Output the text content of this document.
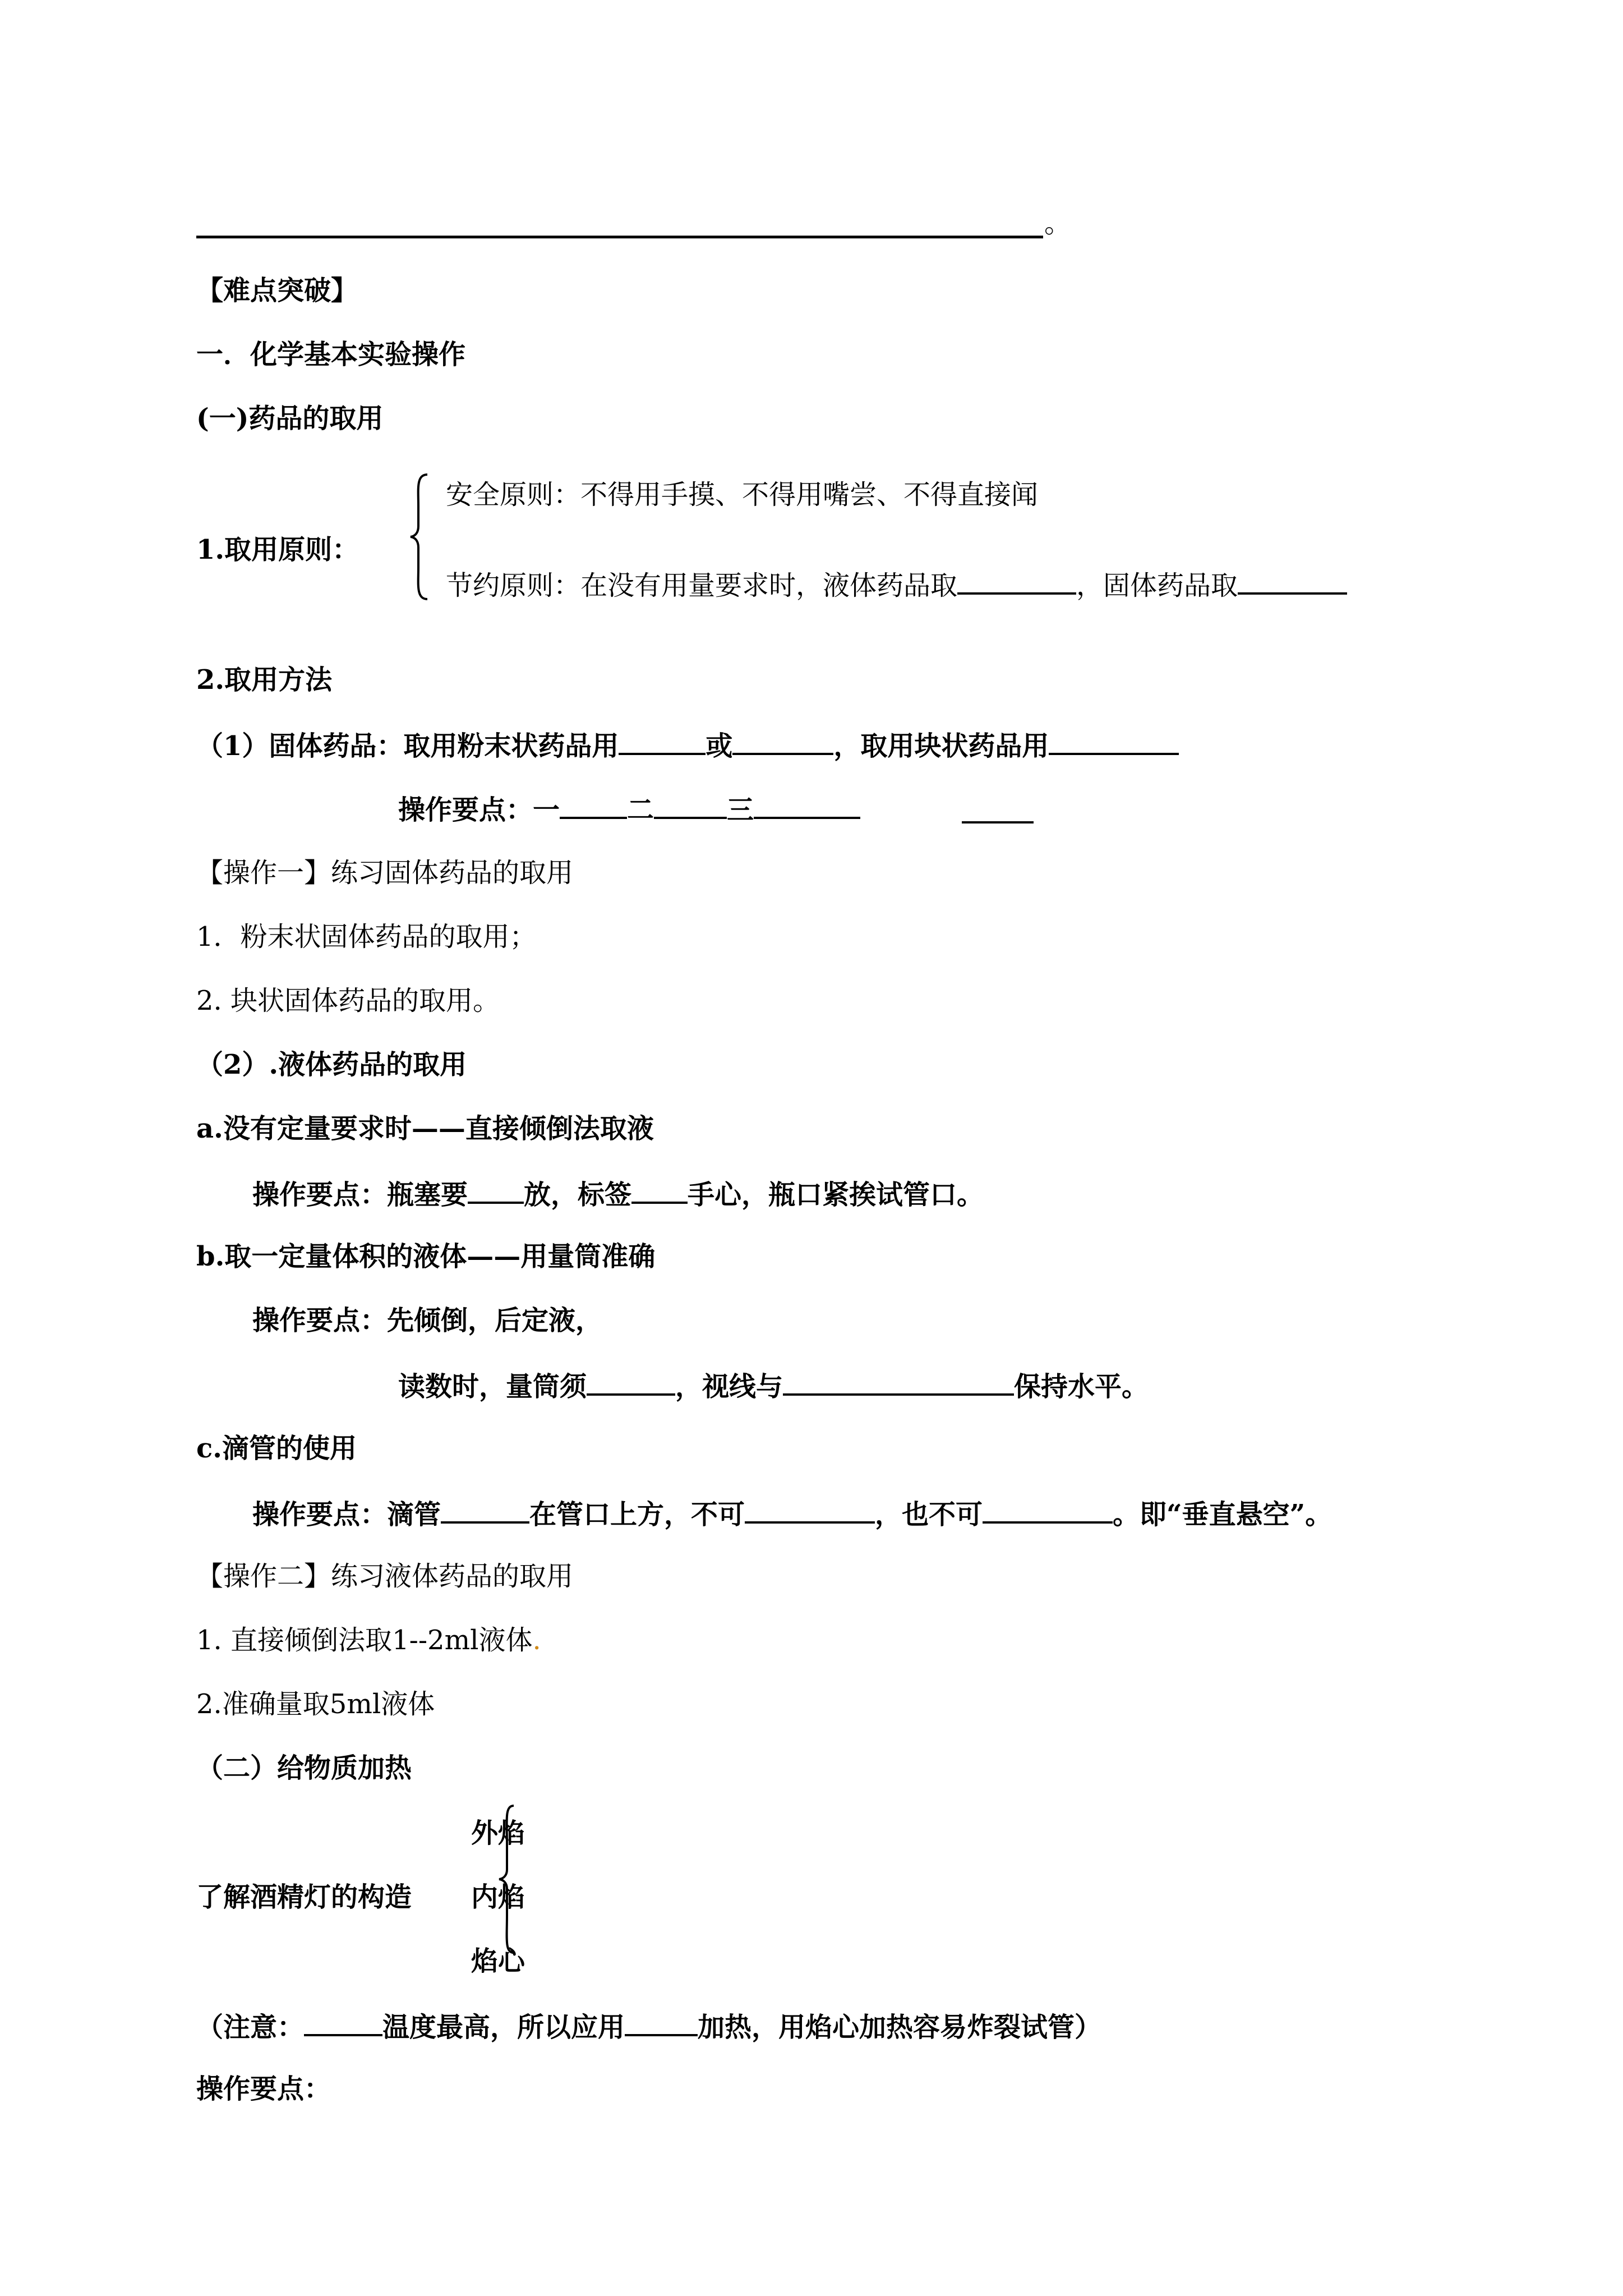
。
【难点突破】
一．化学基本实验操作
(一)药品的取用
1.取用原则：
安全原则：不得用手摸、不得用嘴尝、不得直接闻
节约原则：在没有用量要求时，液体药品取	，固体药品取
2.取用方法
（1）固体药品：取用粉末状药品用	或	，取用块状药品用
操作要点：一	二	三
【操作一】练习固体药品的取用
1．粉末状固体药品的取用；
2. 块状固体药品的取用。
（2）.液体药品的取用
a.没有定量要求时——直接倾倒法取液
操作要点：瓶塞要 放，标签 手心，瓶口紧挨试管口。
b.取一定量体积的液体——用量筒准确
操作要点：先倾倒，后定液，
读数时，量筒须	，视线与	保持水平。
c.滴管的使用
操作要点：滴管	在管口上方，不可	，也不可	。即“垂直悬空”。
【操作二】练习液体药品的取用
1. 直接倾倒法取1--2ml液体.
2.准确量取5ml液体
（二）给物质加热
了解酒精灯的构造
外焰
内焰
焰心
（注意：	温度最高，所以应用	加热，用焰心加热容易炸裂试管）
操作要点：
